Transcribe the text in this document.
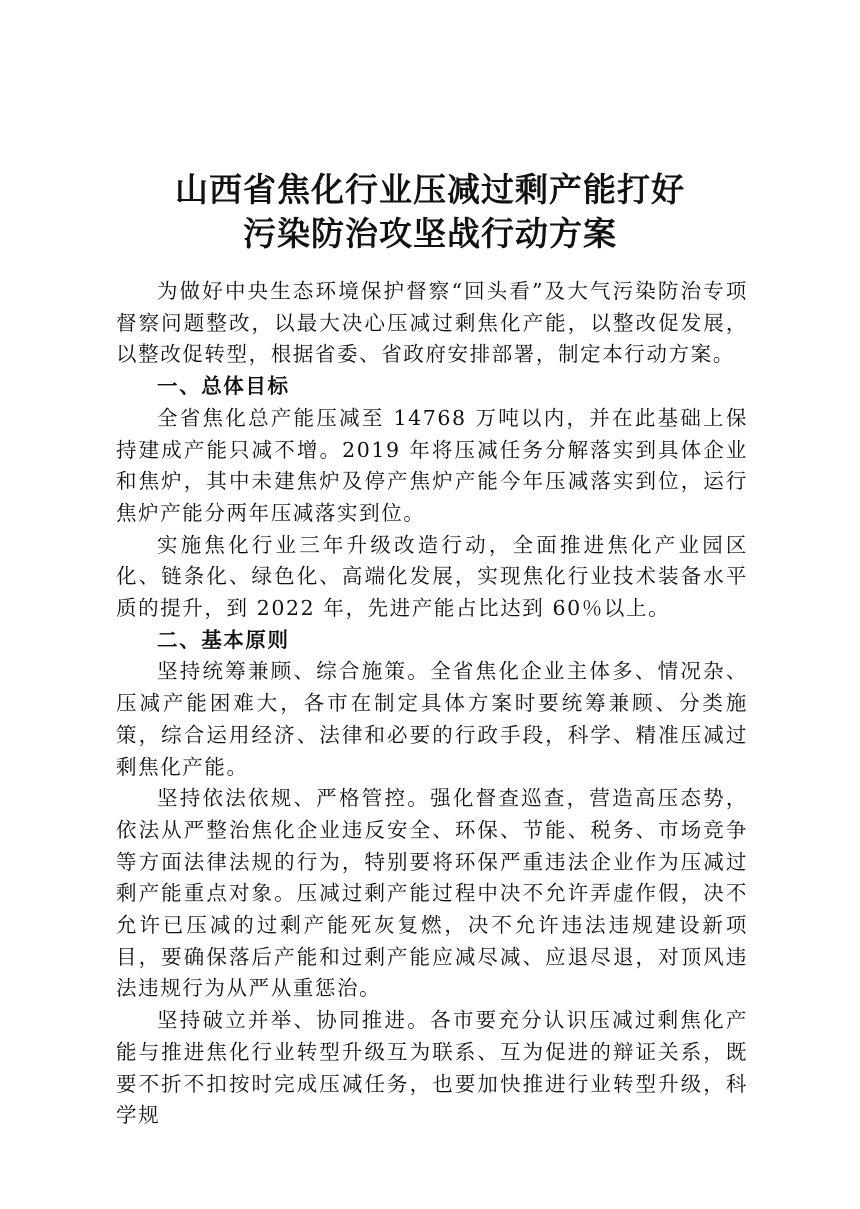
山西省焦化行业压减过剩产能打好
污染防治攻坚战行动方案

为做好中央生态环境保护督察“回头看”及大气污染防治专项督察问题整改，以最大决心压减过剩焦化产能，以整改促发展，以整改促转型，根据省委、省政府安排部署，制定本行动方案。

一、总体目标

全省焦化总产能压减至 14768 万吨以内，并在此基础上保持建成产能只减不增。2019 年将压减任务分解落实到具体企业和焦炉，其中未建焦炉及停产焦炉产能今年压减落实到位，运行焦炉产能分两年压减落实到位。

实施焦化行业三年升级改造行动，全面推进焦化产业园区化、链条化、绿色化、高端化发展，实现焦化行业技术装备水平质的提升，到 2022 年，先进产能占比达到 60％以上。

二、基本原则

坚持统筹兼顾、综合施策。全省焦化企业主体多、情况杂、压减产能困难大，各市在制定具体方案时要统筹兼顾、分类施策，综合运用经济、法律和必要的行政手段，科学、精准压减过剩焦化产能。

坚持依法依规、严格管控。强化督查巡查，营造高压态势，依法从严整治焦化企业违反安全、环保、节能、税务、市场竞争等方面法律法规的行为，特别要将环保严重违法企业作为压减过剩产能重点对象。压减过剩产能过程中决不允许弄虚作假，决不允许已压减的过剩产能死灰复燃，决不允许违法违规建设新项目，要确保落后产能和过剩产能应减尽减、应退尽退，对顶风违法违规行为从严从重惩治。

坚持破立并举、协同推进。各市要充分认识压减过剩焦化产能与推进焦化行业转型升级互为联系、互为促进的辩证关系，既要不折不扣按时完成压减任务，也要加快推进行业转型升级，科学规
